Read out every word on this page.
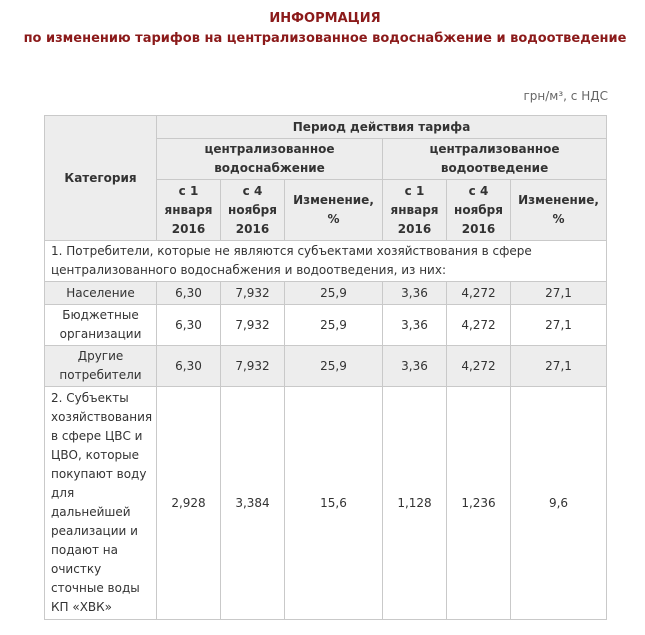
ИНФОРМАЦИЯ
по изменению тарифов на централизованное водоснабжение и водоотведение
грн/м³, с НДС
Категория	Период действия тарифа					
	централизованное водоснабжение			централизованное водоотведение		
	с 1 января 2016	с 4 ноября 2016	Изменение, %	с 1 января 2016	с 4 ноября 2016	Изменение, %
1. Потребители, которые не являются субъектами хозяйствования в сфере централизованного водоснабжения и водоотведения, из них:						
Население	6,30	7,932	25,9	3,36	4,272	27,1
Бюджетные организации	6,30	7,932	25,9	3,36	4,272	27,1
Другие потребители	6,30	7,932	25,9	3,36	4,272	27,1
2. Субъекты хозяйствования в сфере ЦВС и ЦВО, которые покупают воду для дальнейшей реализации и подают на очистку сточные воды КП «ХВК»	2,928	3,384	15,6	1,128	1,236	9,6
